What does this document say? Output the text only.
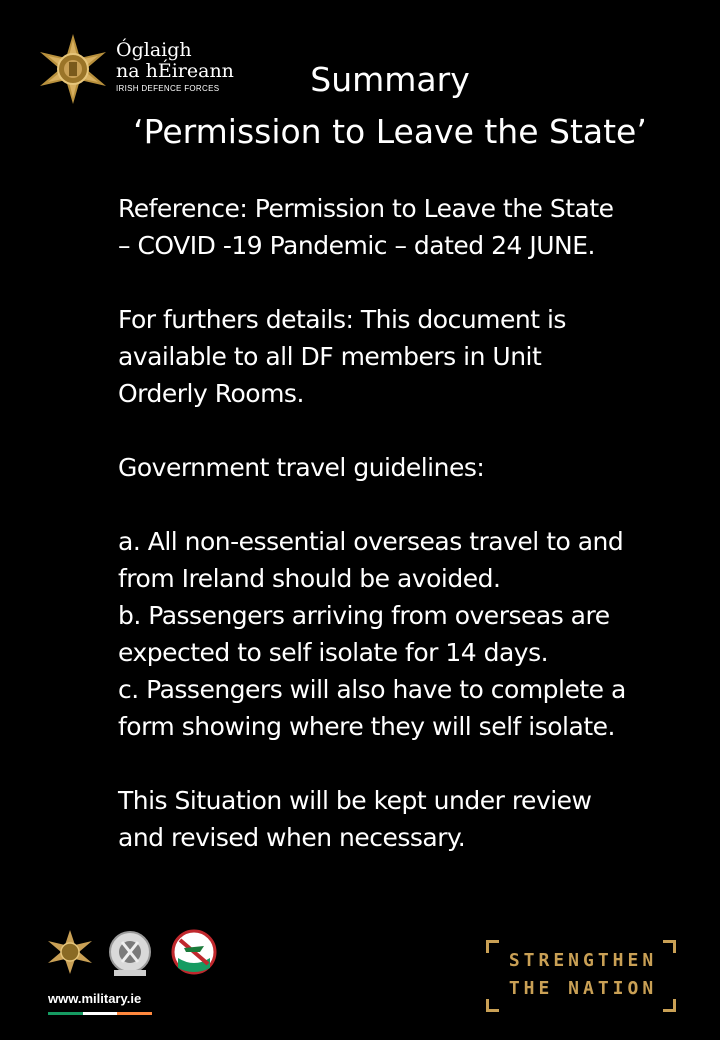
Óglaigh
na hÉireann
IRISH DEFENCE FORCES	Summary
‘Permission to Leave the State’

Reference: Permission to Leave the State

– COVID -19 Pandemic – dated 24 JUNE.

For furthers details: This document is

available to all DF members in Unit

Orderly Rooms.

Government travel guidelines:

a. All non-essential overseas travel to and

from Ireland should be avoided.

b. Passengers arriving from overseas are

expected to self isolate for 14 days.

c. Passengers will also have to complete a

form showing where they will self isolate.

This Situation will be kept under review

and revised when necessary.

www.military.ie
STRENGTHEN
THE NATION
